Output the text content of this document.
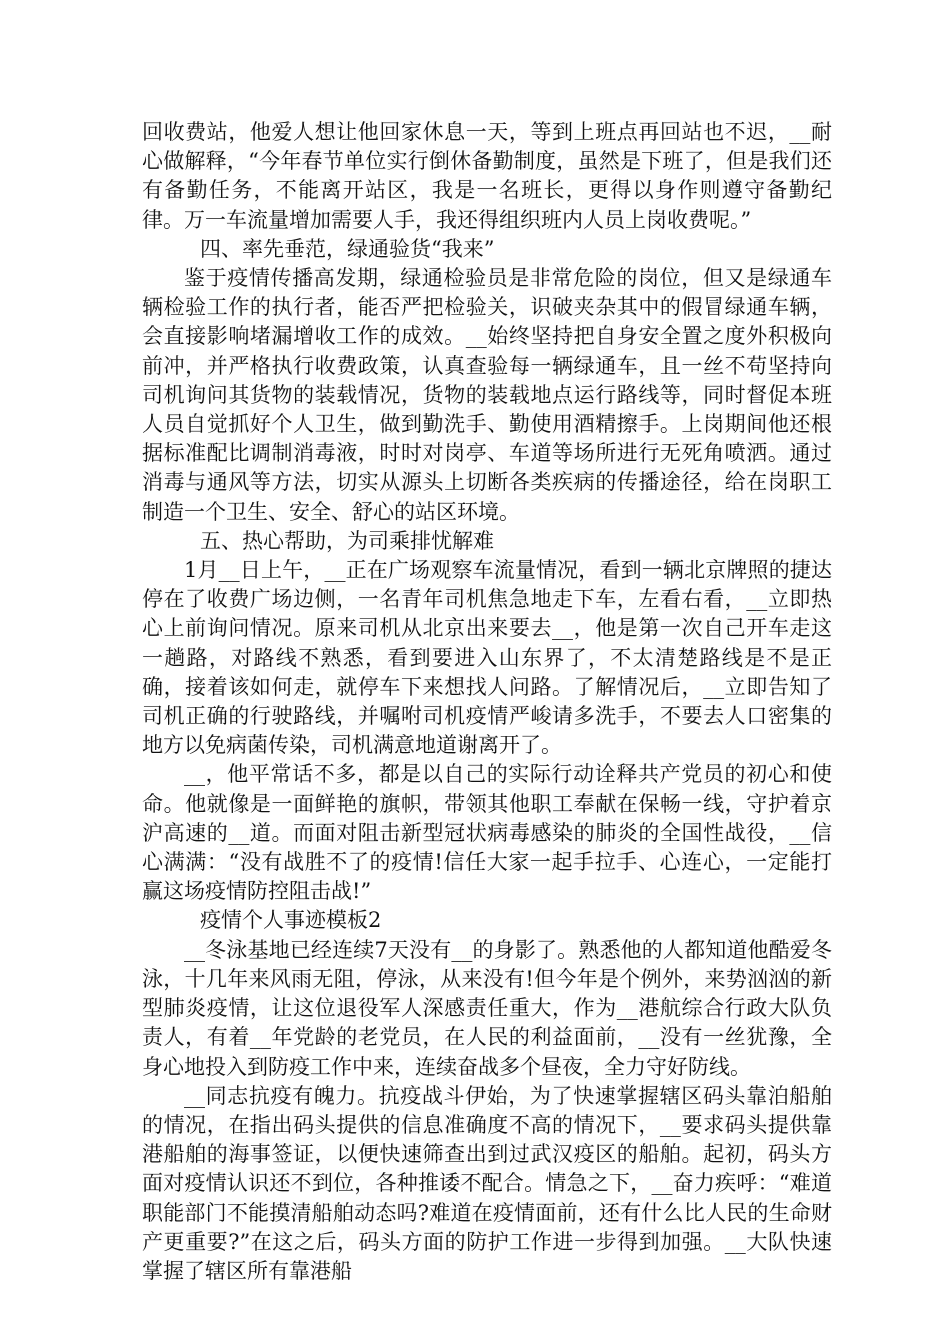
回收费站，他爱人想让他回家休息一天，等到上班点再回站也不迟，__耐心做解释，“今年春节单位实行倒休备勤制度，虽然是下班了，但是我们还有备勤任务，不能离开站区，我是一名班长，更得以身作则遵守备勤纪律。万一车流量增加需要人手，我还得组织班内人员上岗收费呢。”

四、率先垂范，绿通验货“我来”

鉴于疫情传播高发期，绿通检验员是非常危险的岗位，但又是绿通车辆检验工作的执行者，能否严把检验关，识破夹杂其中的假冒绿通车辆，会直接影响堵漏增收工作的成效。__始终坚持把自身安全置之度外积极向前冲，并严格执行收费政策，认真查验每一辆绿通车，且一丝不苟坚持向司机询问其货物的装载情况，货物的装载地点运行路线等，同时督促本班人员自觉抓好个人卫生，做到勤洗手、勤使用酒精擦手。上岗期间他还根据标准配比调制消毒液，时时对岗亭、车道等场所进行无死角喷洒。通过消毒与通风等方法，切实从源头上切断各类疾病的传播途径，给在岗职工制造一个卫生、安全、舒心的站区环境。

五、热心帮助，为司乘排忧解难

1月__日上午，__正在广场观察车流量情况，看到一辆北京牌照的捷达停在了收费广场边侧，一名青年司机焦急地走下车，左看右看，__立即热心上前询问情况。原来司机从北京出来要去__，他是第一次自己开车走这一趟路，对路线不熟悉，看到要进入山东界了，不太清楚路线是不是正确，接着该如何走，就停车下来想找人问路。了解情况后，__立即告知了司机正确的行驶路线，并嘱咐司机疫情严峻请多洗手，不要去人口密集的地方以免病菌传染，司机满意地道谢离开了。

__，他平常话不多，都是以自己的实际行动诠释共产党员的初心和使命。他就像是一面鲜艳的旗帜，带领其他职工奉献在保畅一线，守护着京沪高速的__道。而面对阻击新型冠状病毒感染的肺炎的全国性战役，__信心满满：“没有战胜不了的疫情!信任大家一起手拉手、心连心，一定能打赢这场疫情防控阻击战!”

疫情个人事迹模板2

__冬泳基地已经连续7天没有__的身影了。熟悉他的人都知道他酷爱冬泳，十几年来风雨无阻，停泳，从来没有!但今年是个例外，来势汹汹的新型肺炎疫情，让这位退役军人深感责任重大，作为__港航综合行政大队负责人，有着__年党龄的老党员，在人民的利益面前，__没有一丝犹豫，全身心地投入到防疫工作中来，连续奋战多个昼夜，全力守好防线。

__同志抗疫有魄力。抗疫战斗伊始，为了快速掌握辖区码头靠泊船舶的情况，在指出码头提供的信息准确度不高的情况下，__要求码头提供靠港船舶的海事签证，以便快速筛查出到过武汉疫区的船舶。起初，码头方面对疫情认识还不到位，各种推诿不配合。情急之下，__奋力疾呼：“难道职能部门不能摸清船舶动态吗?难道在疫情面前，还有什么比人民的生命财产更重要?”在这之后，码头方面的防护工作进一步得到加强。__大队快速掌握了辖区所有靠港船
